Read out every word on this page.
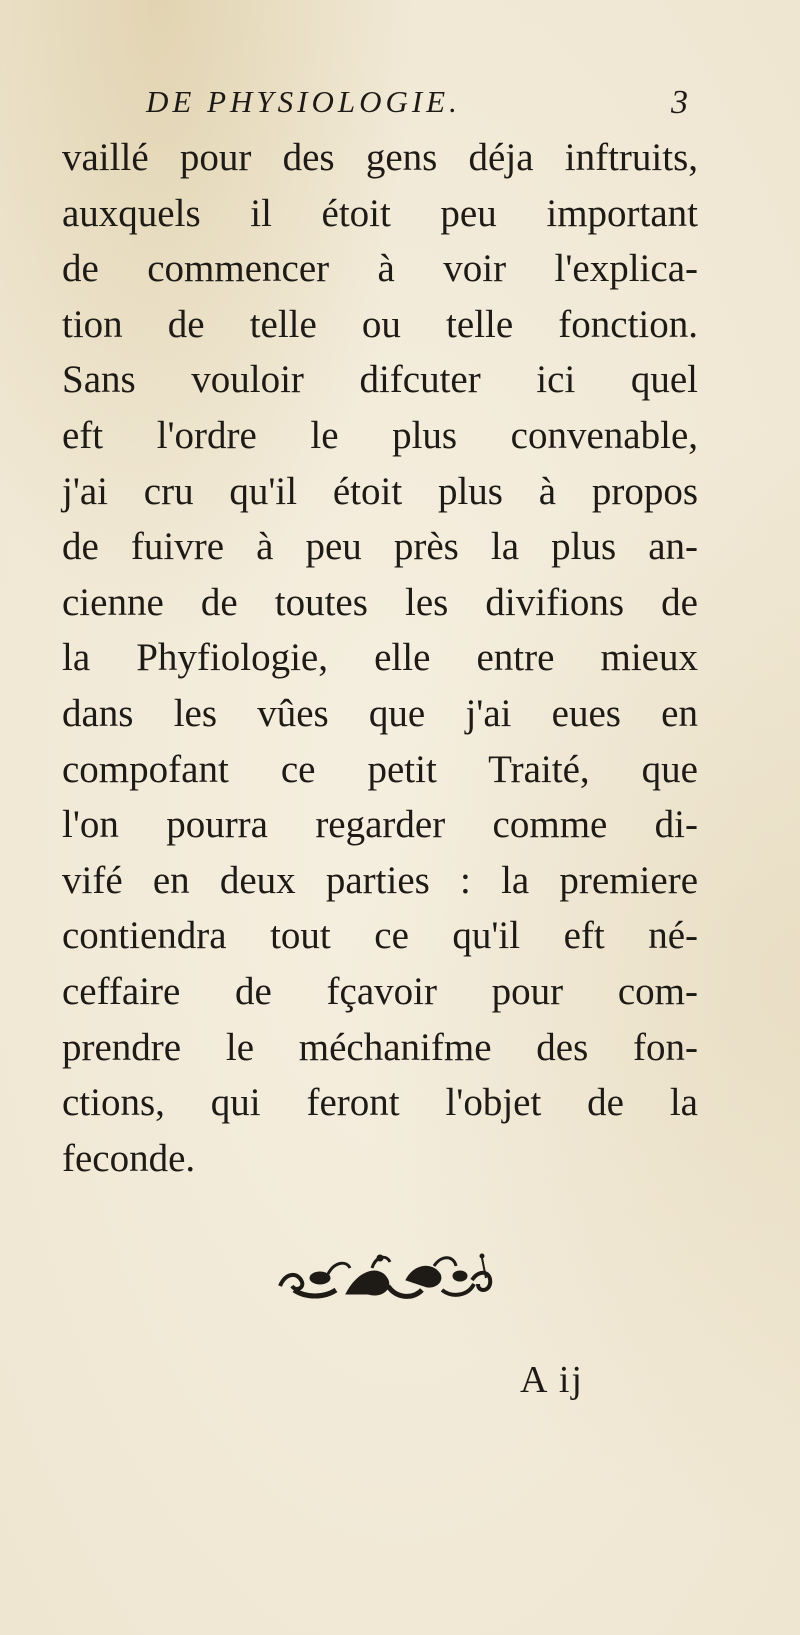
DE PHYSIOLOGIE.	3
vaillé pour des gens déja inftruits,
auxquels il étoit peu important
de commencer à voir l'explica-
tion de telle ou telle fonction.
Sans vouloir difcuter ici quel
eft l'ordre le plus convenable,
j'ai cru qu'il étoit plus à propos
de fuivre à peu près la plus an-
cienne de toutes les divifions de
la Phyfiologie, elle entre mieux
dans les vûes que j'ai eues en
compofant ce petit Traité, que
l'on pourra regarder comme di-
vifé en deux parties : la premiere
contiendra tout ce qu'il eft né-
ceffaire de fçavoir pour com-
prendre le méchanifme des fon-
ctions, qui feront l'objet de la
feconde.
A ij
